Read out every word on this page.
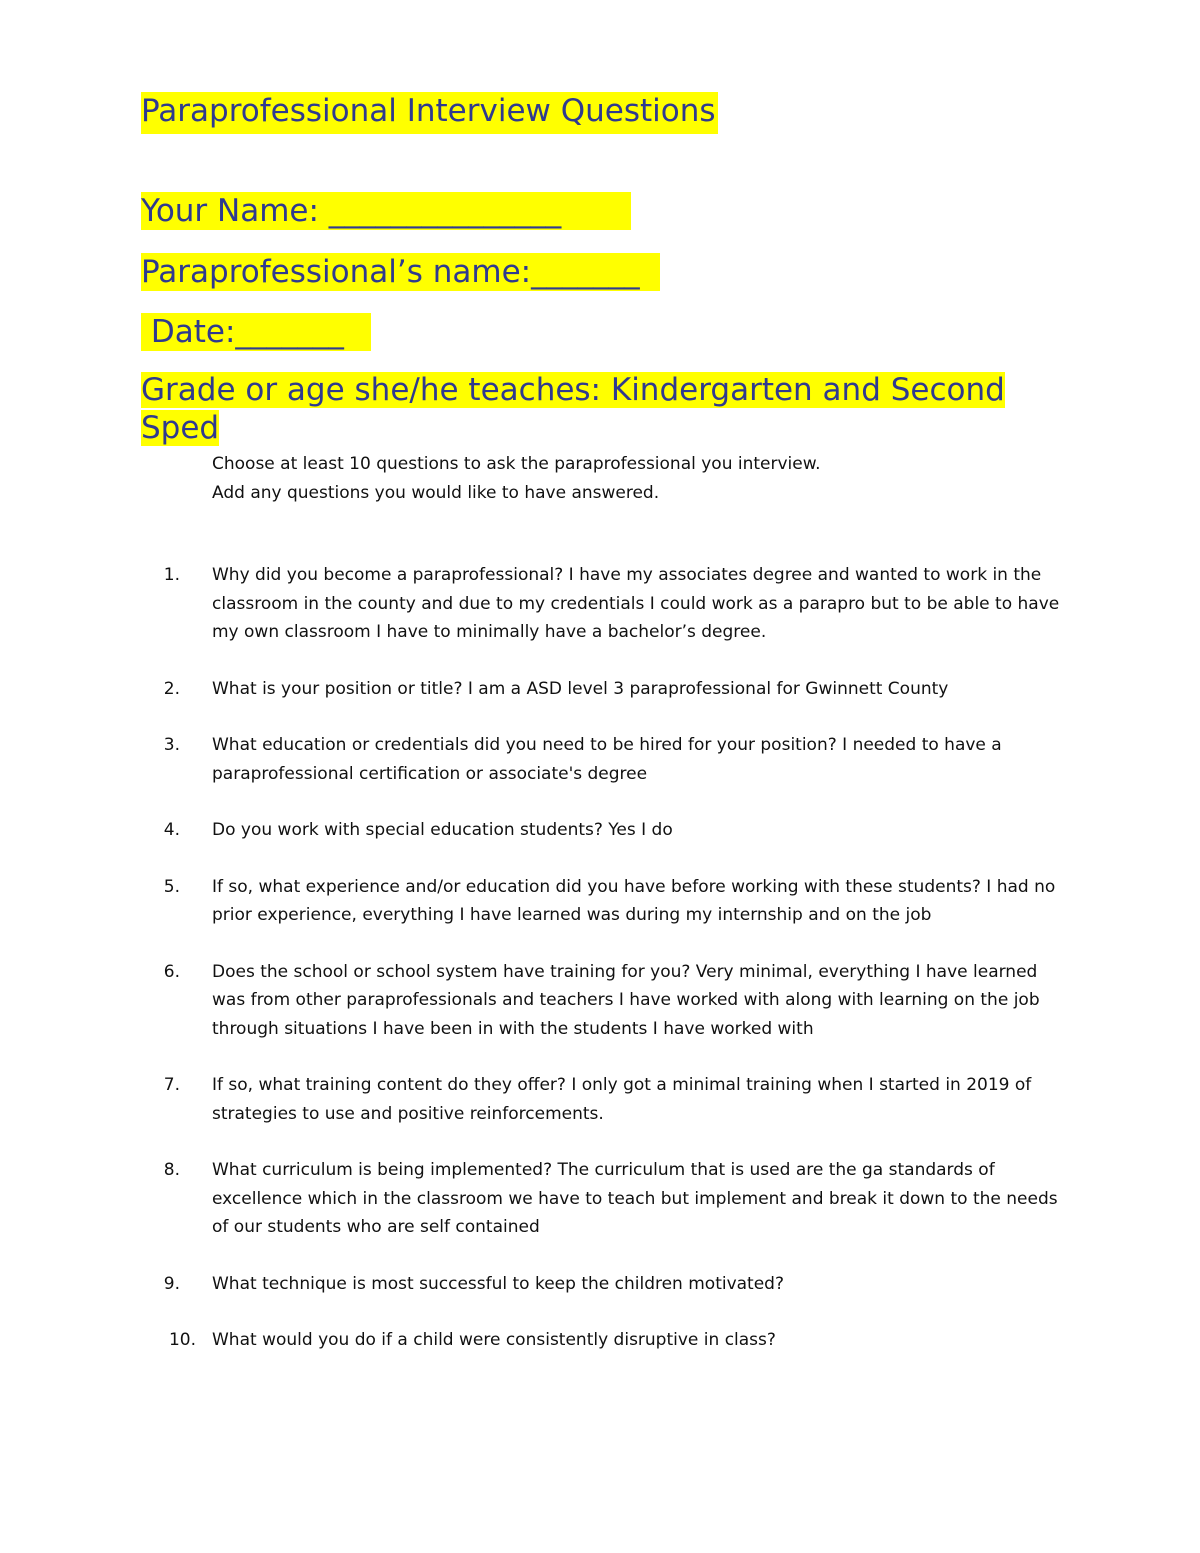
Paraprofessional Interview Questions
Your Name: _______________
Paraprofessional’s name:_______
Date:_______
Grade or age she/he teaches: Kindergarten and Second Sped
Choose at least 10 questions to ask the paraprofessional you interview.
Add any questions you would like to have answered.
1.	Why did you become a paraprofessional? I have my associates degree and wanted to work in the classroom in the county and due to my credentials I could work as a parapro but to be able to have my own classroom I have to minimally have a bachelor’s degree.
2.	What is your position or title? I am a ASD level 3 paraprofessional for Gwinnett County
3.	What education or credentials did you need to be hired for your position? I needed to have a paraprofessional certification or associate's degree
4.	Do you work with special education students? Yes I do
5.	If so, what experience and/or education did you have before working with these students? I had no prior experience, everything I have learned was during my internship and on the job
6.	Does the school or school system have training for you? Very minimal, everything I have learned was from other paraprofessionals and teachers I have worked with along with learning on the job through situations I have been in with the students I have worked with
7.	If so, what training content do they offer? I only got a minimal training when I started in 2019 of strategies to use and positive reinforcements.
8.	What curriculum is being implemented? The curriculum that is used are the ga standards of excellence which in the classroom we have to teach but implement and break it down to the needs of our students who are self contained
9.	What technique is most successful to keep the children motivated?
10. What would you do if a child were consistently disruptive in class?
